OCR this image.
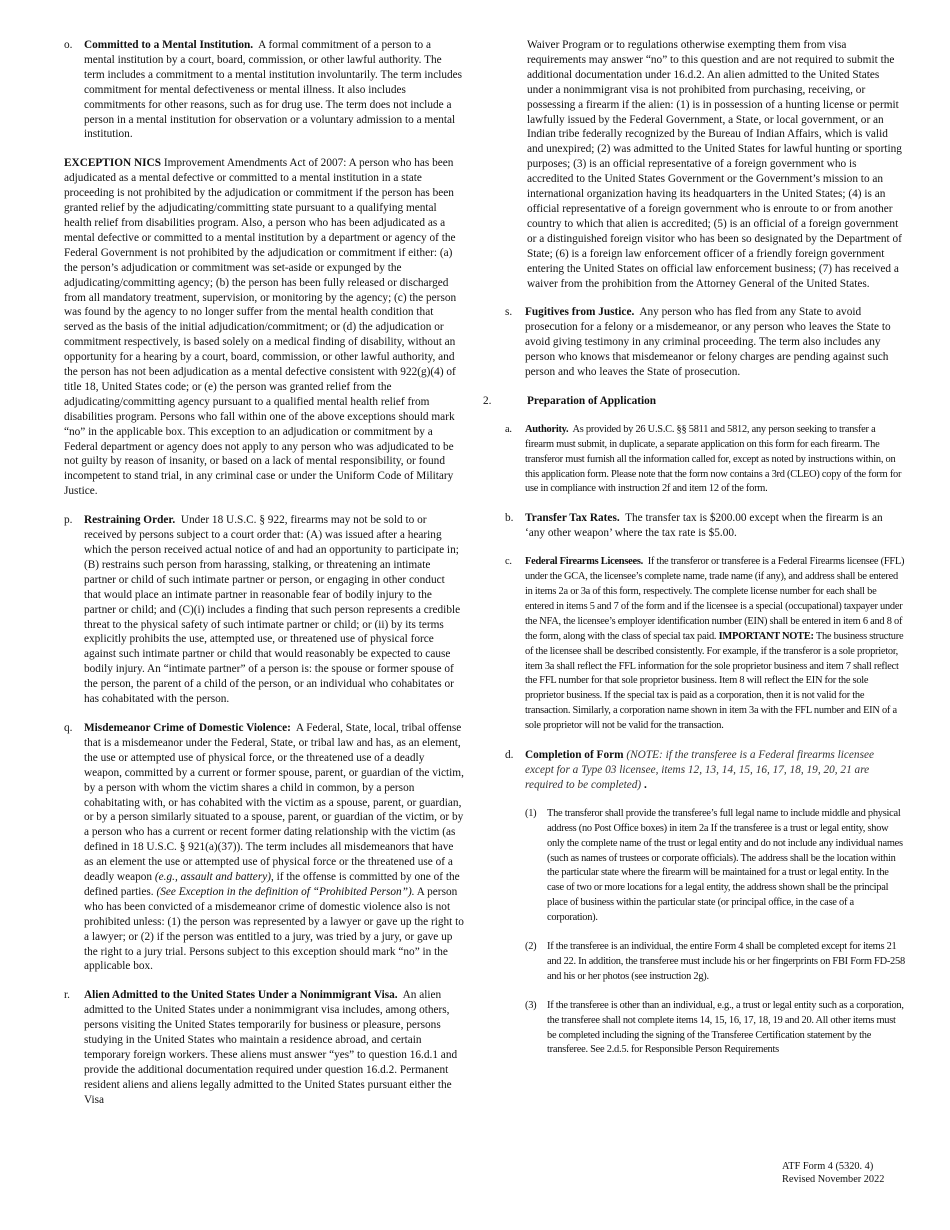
o. Committed to a Mental Institution. A formal commitment of a person to a mental institution by a court, board, commission, or other lawful authority. The term includes a commitment to a mental institution involuntarily. The term includes commitment for mental defectiveness or mental illness. It also includes commitments for other reasons, such as for drug use. The term does not include a person in a mental institution for observation or a voluntary admission to a mental institution.
EXCEPTION NICS Improvement Amendments Act of 2007: A person who has been adjudicated as a mental defective or committed to a mental institution in a state proceeding is not prohibited by the adjudication or commitment if the person has been granted relief by the adjudicating/committing state pursuant to a qualifying mental health relief from disabilities program. Also, a person who has been adjudicated as a mental defective or committed to a mental institution by a department or agency of the Federal Government is not prohibited by the adjudication or commitment if either: (a) the person’s adjudication or commitment was set-aside or expunged by the adjudicating/committing agency; (b) the person has been fully released or discharged from all mandatory treatment, supervision, or monitoring by the agency; (c) the person was found by the agency to no longer suffer from the mental health condition that served as the basis of the initial adjudication/commitment; or (d) the adjudication or commitment respectively, is based solely on a medical finding of disability, without an opportunity for a hearing by a court, board, commission, or other lawful authority, and the person has not been adjudication as a mental defective consistent with 922(g)(4) of title 18, United States code; or (e) the person was granted relief from the adjudicating/committing agency pursuant to a qualified mental health relief from disabilities program. Persons who fall within one of the above exceptions should mark “no” in the applicable box. This exception to an adjudication or commitment by a Federal department or agency does not apply to any person who was adjudicated to be not guilty by reason of insanity, or based on a lack of mental responsibility, or found incompetent to stand trial, in any criminal case or under the Uniform Code of Military Justice.
p. Restraining Order. Under 18 U.S.C. § 922, firearms may not be sold to or received by persons subject to a court order that: (A) was issued after a hearing which the person received actual notice of and had an opportunity to participate in; (B) restrains such person from harassing, stalking, or threatening an intimate partner or child of such intimate partner or person, or engaging in other conduct that would place an intimate partner in reasonable fear of bodily injury to the partner or child; and (C)(i) includes a finding that such person represents a credible threat to the physical safety of such intimate partner or child; or (ii) by its terms explicitly prohibits the use, attempted use, or threatened use of physical force against such intimate partner or child that would reasonably be expected to cause bodily injury. An “intimate partner” of a person is: the spouse or former spouse of the person, the parent of a child of the person, or an individual who cohabitates or has cohabitated with the person.
q. Misdemeanor Crime of Domestic Violence: A Federal, State, local, tribal offense that is a misdemeanor under the Federal, State, or tribal law and has, as an element, the use or attempted use of physical force, or the threatened use of a deadly weapon, committed by a current or former spouse, parent, or guardian of the victim, by a person with whom the victim shares a child in common, by a person cohabitating with, or has cohabited with the victim as a spouse, parent, or guardian, or by a person similarly situated to a spouse, parent, or guardian of the victim, or by a person who has a current or recent former dating relationship with the victim (as defined in 18 U.S.C. § 921(a)(37)). The term includes all misdemeanors that have as an element the use or attempted use of physical force or the threatened use of a deadly weapon (e.g., assault and battery), if the offense is committed by one of the defined parties. (See Exception in the definition of “Prohibited Person”). A person who has been convicted of a misdemeanor crime of domestic violence also is not prohibited unless: (1) the person was represented by a lawyer or gave up the right to a lawyer; or (2) if the person was entitled to a jury, was tried by a jury, or gave up the right to a jury trial. Persons subject to this exception should mark “no” in the applicable box.
r. Alien Admitted to the United States Under a Nonimmigrant Visa. An alien admitted to the United States under a nonimmigrant visa includes, among others, persons visiting the United States temporarily for business or pleasure, persons studying in the United States who maintain a residence abroad, and certain temporary foreign workers. These aliens must answer “yes” to question 16.d.1 and provide the additional documentation required under question 16.d.2. Permanent resident aliens and aliens legally admitted to the United States pursuant either the Visa
Waiver Program or to regulations otherwise exempting them from visa requirements may answer “no” to this question and are not required to submit the additional documentation under 16.d.2. An alien admitted to the United States under a nonimmigrant visa is not prohibited from purchasing, receiving, or possessing a firearm if the alien: (1) is in possession of a hunting license or permit lawfully issued by the Federal Government, a State, or local government, or an Indian tribe federally recognized by the Bureau of Indian Affairs, which is valid and unexpired; (2) was admitted to the United States for lawful hunting or sporting purposes; (3) is an official representative of a foreign government who is accredited to the United States Government or the Government’s mission to an international organization having its headquarters in the United States; (4) is an official representative of a foreign government who is enroute to or from another country to which that alien is accredited; (5) is an official of a foreign government or a distinguished foreign visitor who has been so designated by the Department of State; (6) is a foreign law enforcement officer of a friendly foreign government entering the United States on official law enforcement business; (7) has received a waiver from the prohibition from the Attorney General of the United States.
s. Fugitives from Justice. Any person who has fled from any State to avoid prosecution for a felony or a misdemeanor, or any person who leaves the State to avoid giving testimony in any criminal proceeding. The term also includes any person who knows that misdemeanor or felony charges are pending against such person and who leaves the State of prosecution.
2.	Preparation of Application
a. Authority. As provided by 26 U.S.C. §§ 5811 and 5812, any person seeking to transfer a firearm must submit, in duplicate, a separate application on this form for each firearm. The transferor must furnish all the information called for, except as noted by instructions within, on this application form. Please note that the form now contains a 3rd (CLEO) copy of the form for use in compliance with instruction 2f and item 12 of the form.
b. Transfer Tax Rates. The transfer tax is $200.00 except when the firearm is an ‘any other weapon’ where the tax rate is $5.00.
c. Federal Firearms Licensees. If the transferor or transferee is a Federal Firearms licensee (FFL) under the GCA, the licensee’s complete name, trade name (if any), and address shall be entered in items 2a or 3a of this form, respectively. The complete license number for each shall be entered in items 5 and 7 of the form and if the licensee is a special (occupational) taxpayer under the NFA, the licensee’s employer identification number (EIN) shall be entered in item 6 and 8 of the form, along with the class of special tax paid. IMPORTANT NOTE: The business structure of the licensee shall be described consistently. For example, if the transferor is a sole proprietor, item 3a shall reflect the FFL information for the sole proprietor business and item 7 shall reflect the FFL number for that sole proprietor business. Item 8 will reflect the EIN for the sole proprietor business. If the special tax is paid as a corporation, then it is not valid for the transaction. Similarly, a corporation name shown in item 3a with the FFL number and EIN of a sole proprietor will not be valid for the transaction.
d. Completion of Form (NOTE: if the transferee is a Federal firearms licensee except for a Type 03 licensee, items 12, 13, 14, 15, 16, 17, 18, 19, 20, 21 are required to be completed) .
(1) The transferor shall provide the transferee’s full legal name to include middle and physical address (no Post Office boxes) in item 2a If the transferee is a trust or legal entity, show only the complete name of the trust or legal entity and do not include any individual names (such as names of trustees or corporate officials). The address shall be the location within the particular state where the firearm will be maintained for a trust or legal entity. In the case of two or more locations for a legal entity, the address shown shall be the principal place of business within the particular state (or principal office, in the case of a corporation).
(2) If the transferee is an individual, the entire Form 4 shall be completed except for items 21 and 22. In addition, the transferee must include his or her fingerprints on FBI Form FD-258 and his or her photos (see instruction 2g).
(3) If the transferee is other than an individual, e.g., a trust or legal entity such as a corporation, the transferee shall not complete items 14, 15, 16, 17, 18, 19 and 20. All other items must be completed including the signing of the Transferee Certification statement by the transferee. See 2.d.5. for Responsible Person Requirements
ATF Form 4 (5320. 4)
Revised November 2022
